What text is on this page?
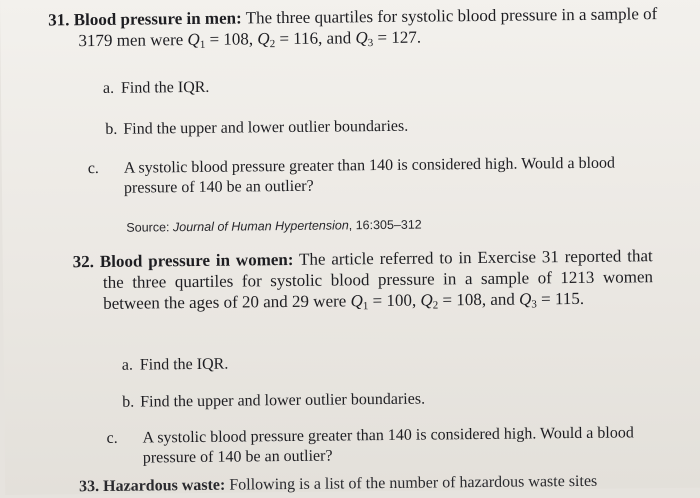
31. Blood pressure in men: The three quartiles for systolic blood pressure in a sample of 3179 men were $Q_1 = 108$, $Q_2 = 116$, and $Q_3 = 127$.
a. Find the IQR.
b. Find the upper and lower outlier boundaries.
c. A systolic blood pressure greater than 140 is considered high. Would a blood pressure of 140 be an outlier?
Source: Journal of Human Hypertension, 16:305–312
32. Blood pressure in women: The article referred to in Exercise 31 reported that the three quartiles for systolic blood pressure in a sample of 1213 women between the ages of 20 and 29 were $Q_1 = 100$, $Q_2 = 108$, and $Q_3 = 115$.
a. Find the IQR.
b. Find the upper and lower outlier boundaries.
c. A systolic blood pressure greater than 140 is considered high. Would a blood pressure of 140 be an outlier?
33. Hazardous waste: Following is a list of the number of hazardous waste sites
